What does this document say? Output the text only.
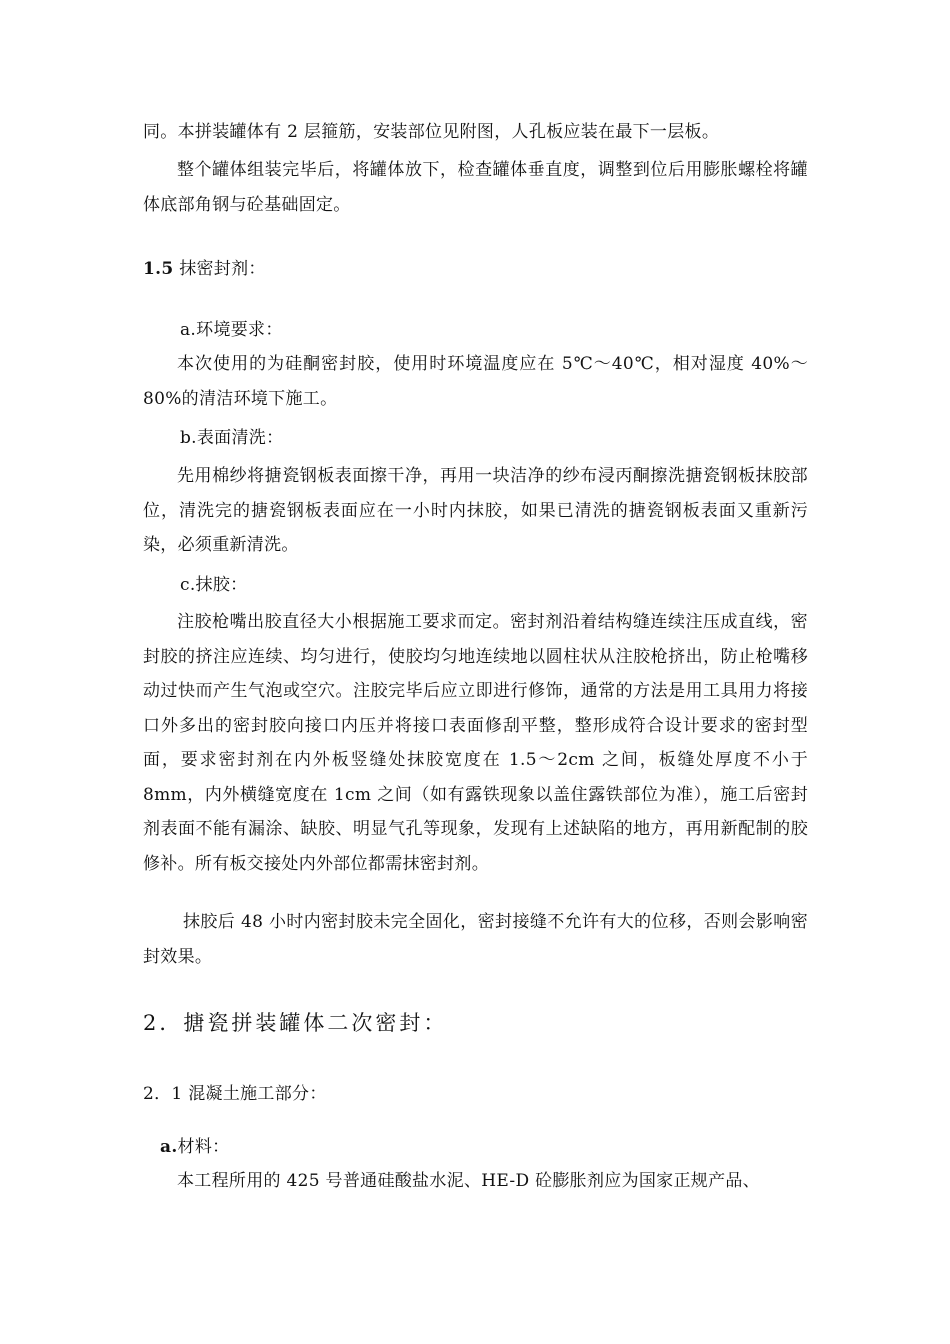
同。本拼装罐体有 2 层箍筋，安装部位见附图，人孔板应装在最下一层板。

整个罐体组装完毕后，将罐体放下，检查罐体垂直度，调整到位后用膨胀螺栓将罐体底部角钢与砼基础固定。

1.5 抹密封剂：

a.环境要求：

本次使用的为硅酮密封胶，使用时环境温度应在 5℃～40℃，相对湿度 40%～80%的清洁环境下施工。

b.表面清洗：

先用棉纱将搪瓷钢板表面擦干净，再用一块洁净的纱布浸丙酮擦洗搪瓷钢板抹胶部位，清洗完的搪瓷钢板表面应在一小时内抹胶，如果已清洗的搪瓷钢板表面又重新污染，必须重新清洗。

c.抹胶：

注胶枪嘴出胶直径大小根据施工要求而定。密封剂沿着结构缝连续注压成直线，密封胶的挤注应连续、均匀进行，使胶均匀地连续地以圆柱状从注胶枪挤出，防止枪嘴移动过快而产生气泡或空穴。注胶完毕后应立即进行修饰，通常的方法是用工具用力将接口外多出的密封胶向接口内压并将接口表面修刮平整，整形成符合设计要求的密封型面，要求密封剂在内外板竖缝处抹胶宽度在 1.5～2cm 之间，板缝处厚度不小于 8mm，内外横缝宽度在 1cm 之间（如有露铁现象以盖住露铁部位为准），施工后密封剂表面不能有漏涂、缺胶、明显气孔等现象，发现有上述缺陷的地方，再用新配制的胶修补。所有板交接处内外部位都需抹密封剂。

抹胶后 48 小时内密封胶未完全固化，密封接缝不允许有大的位移，否则会影响密封效果。

2．搪瓷拼装罐体二次密封：

2．1 混凝土施工部分：

a.材料：

本工程所用的 425 号普通硅酸盐水泥、HE-D 砼膨胀剂应为国家正规产品、
